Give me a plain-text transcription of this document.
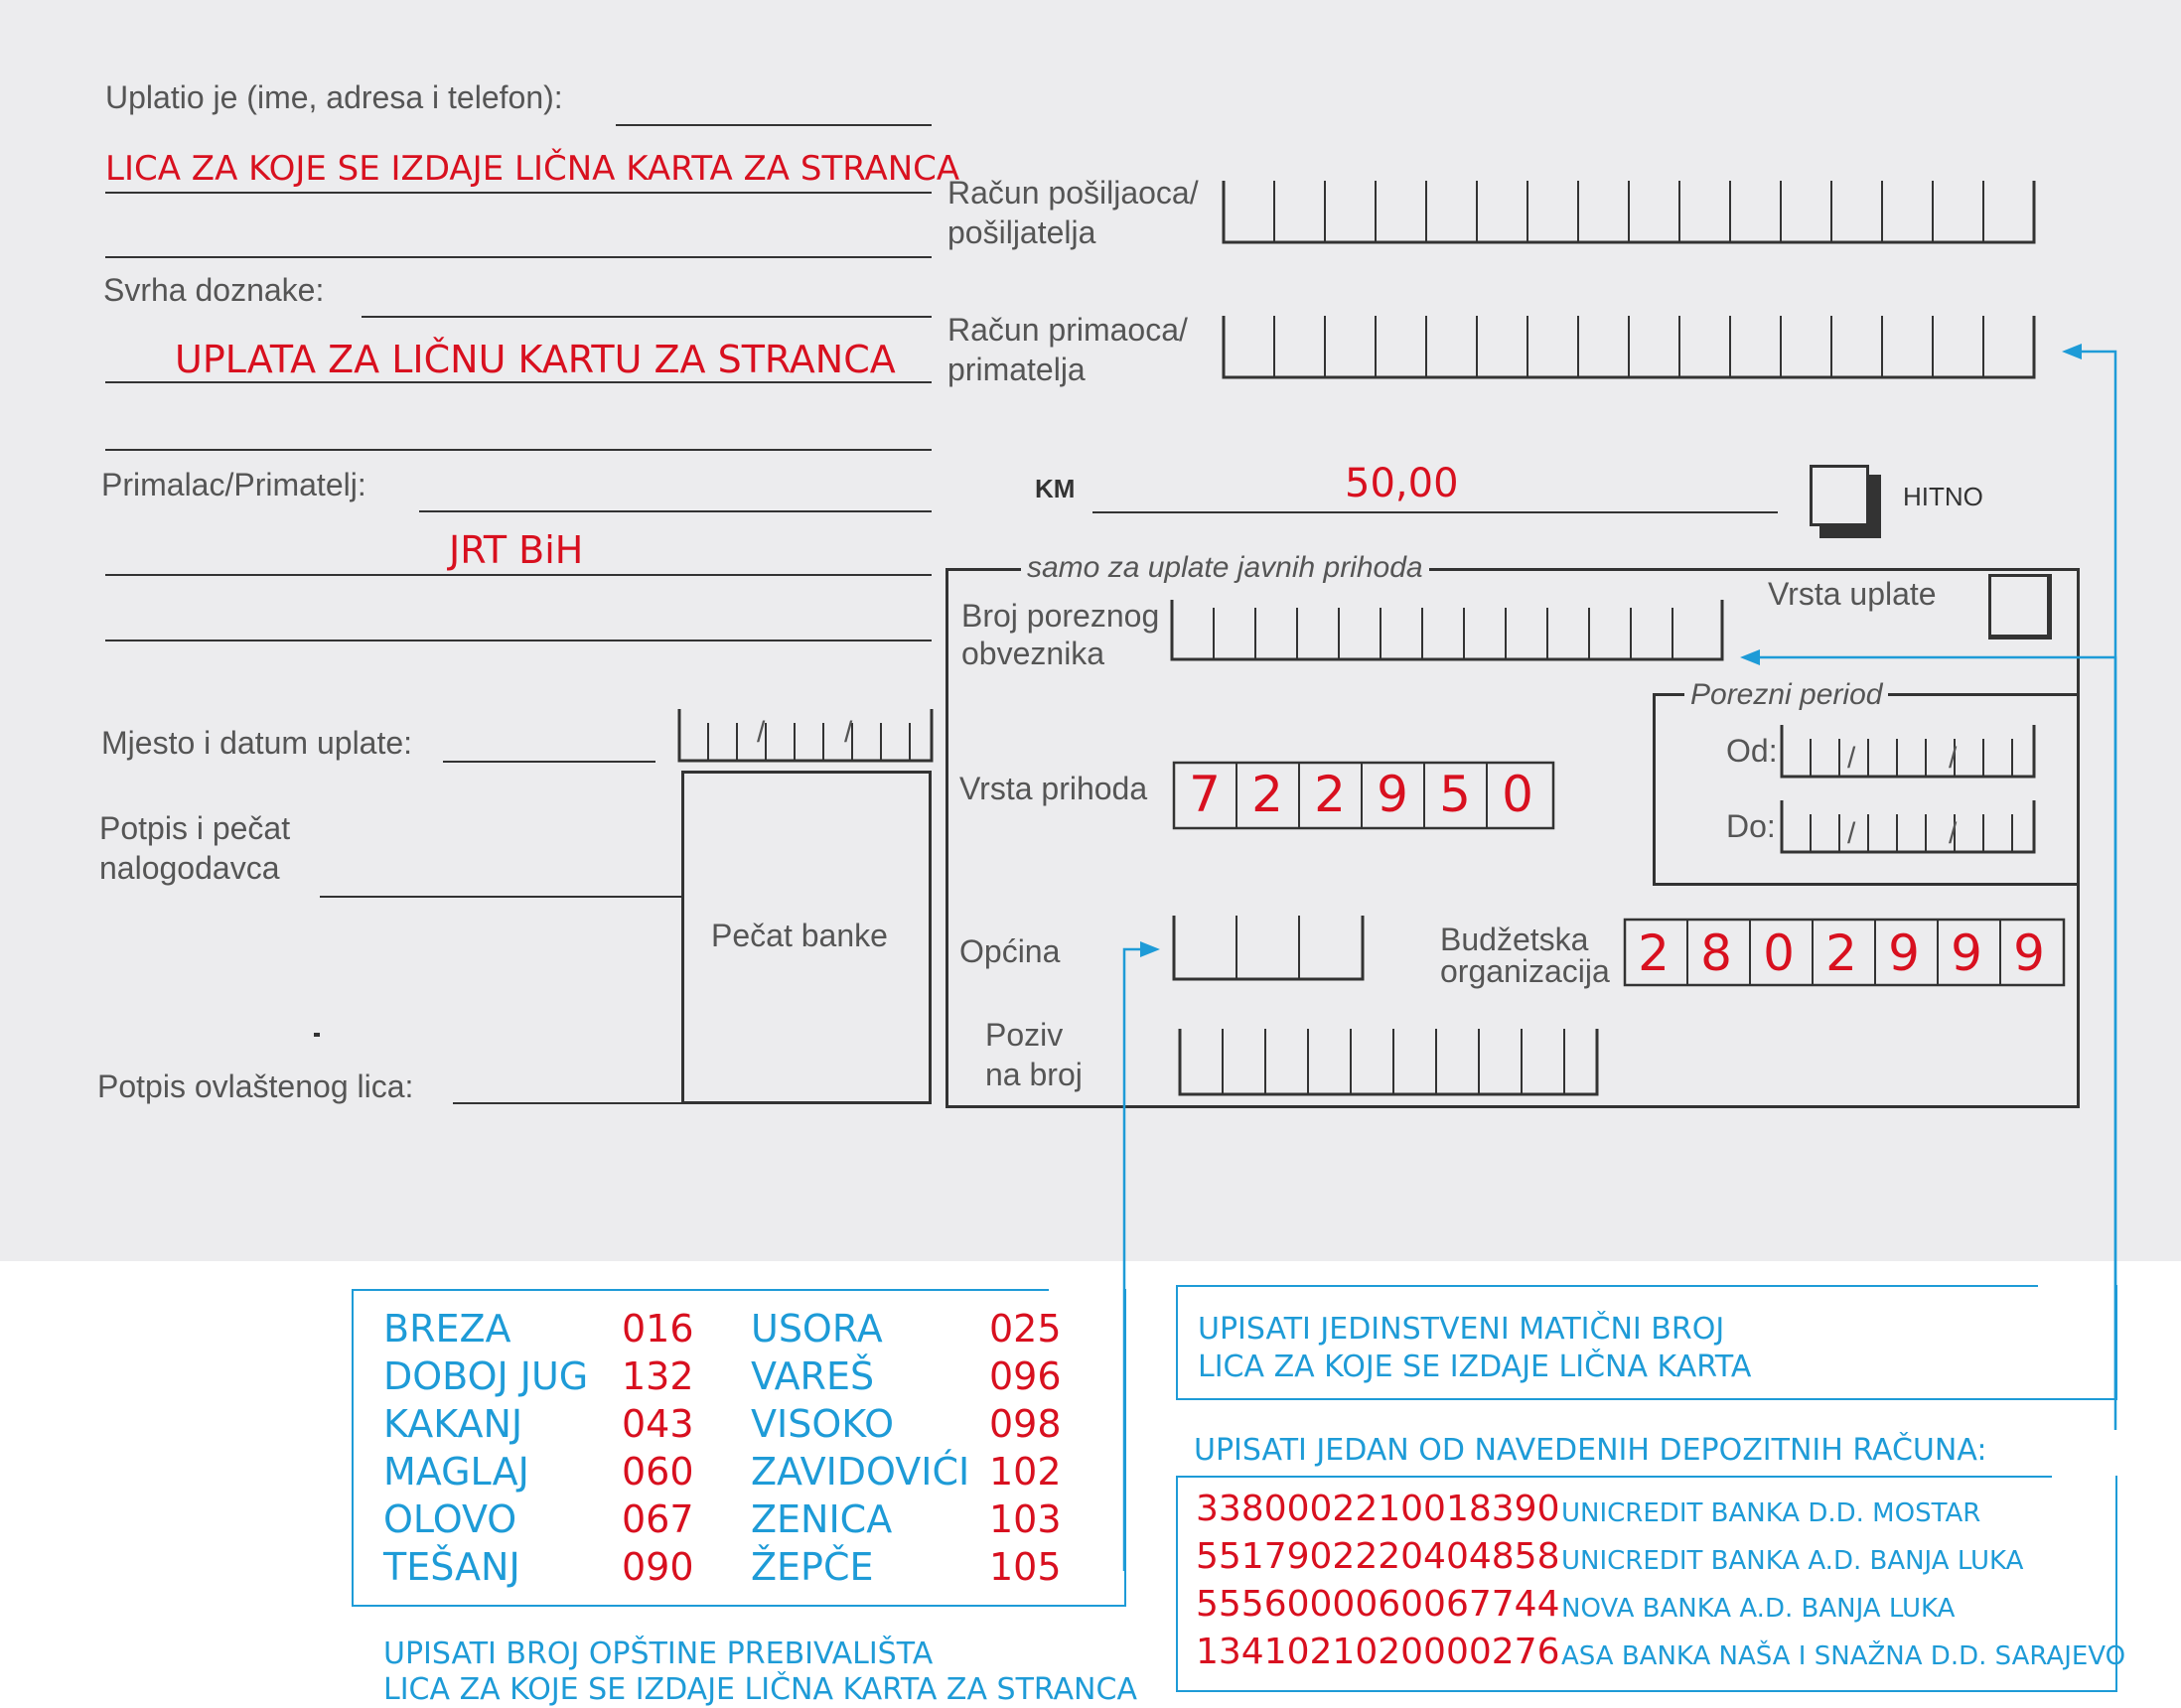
Uplatio je (ime, adresa i telefon):
LICA ZA KOJE SE IZDAJE LIČNA KARTA ZA STRANCA
Svrha doznake:
UPLATA ZA LIČNU KARTU ZA STRANCA
Primalac/Primatelj:
JRT BiH
Mjesto i datum uplate:	/	/
Potpis i pečat
nalogodavca
Pečat banke
Potpis ovlaštenog lica:
Račun pošiljaoca/
pošiljatelja
Račun primaoca/
primatelja
KM	50,00	HITNO
samo za uplate javnih prihoda
Broj poreznog
obveznika
Vrsta uplate
Porezni period
Od: /	/
Do: /	/
Vrsta prihoda 7 2 2 9 5 0
Općina	Budžetska
organizacija 2 8 0 2 9 9 9
Poziv
na broj
BREZA	016 USORA	025
DOBOJ JUG 132 VAREŠ	096
KAKANJ	043 VISOKO	098
MAGLAJ 060 ZAVIDOVIĆI 102
OLOVO	067 ZENICA	103
TEŠANJ	090 ŽEPČE	105
UPISATI BROJ OPŠTINE PREBIVALIŠTA
LICA ZA KOJE SE IZDAJE LIČNA KARTA ZA STRANCA
UPISATI JEDINSTVENI MATIČNI BROJ
LICA ZA KOJE SE IZDAJE LIČNA KARTA
UPISATI JEDAN OD NAVEDENIH DEPOZITNIH RAČUNA:
3380002210018390 UNICREDIT BANKA D.D. MOSTAR
5517902220404858 UNICREDIT BANKA A.D. BANJA LUKA
5556000060067744 NOVA BANKA A.D. BANJA LUKA
1341021020000276 ASA BANKA NAŠA I SNAŽNA D.D. SARAJEVO
